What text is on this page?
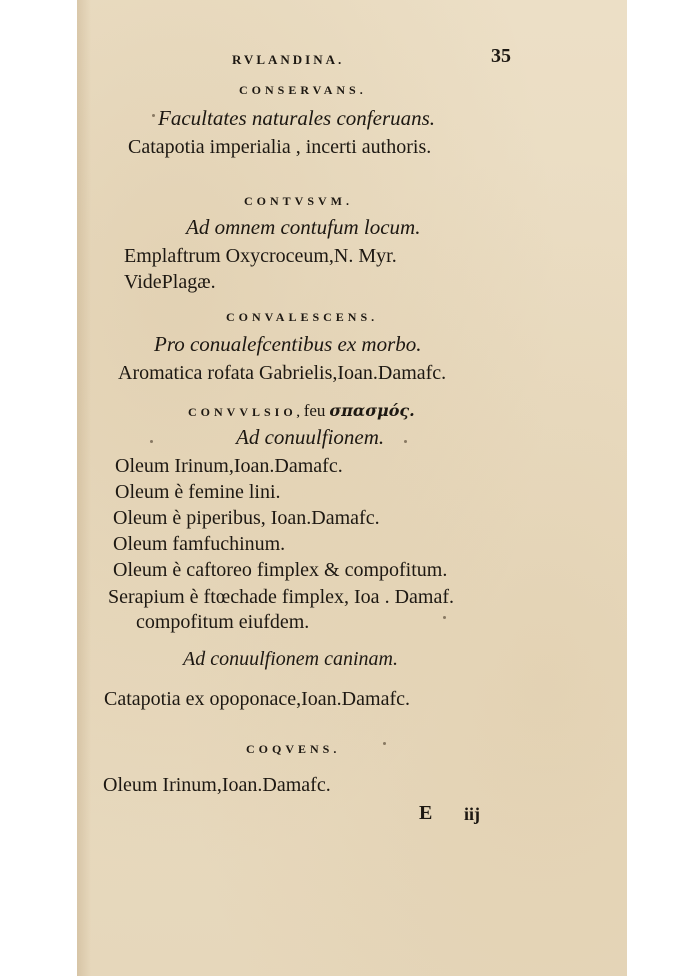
RVLANDINA.	35
CONSERVANS.
Facultates naturales conferuans.
Catapotia imperialia , incerti authoris.
CONTVSVM.
Ad omnem contufum locum.
Emplaftrum Oxycroceum,N. Myr.
VidePlagæ.
CONVALESCENS.
Pro conualefcentibus ex morbo.
Aromatica rofata Gabrielis,Ioan.Damafc.
CONVVLSIO,feu σπασμός.
Ad conuulfionem.
Oleum Irinum,Ioan.Damafc.
Oleum è femine lini.
Oleum è piperibus, Ioan.Damafc.
Oleum famfuchinum.
Oleum è caftoreo fimplex & compofitum.
Serapium è ftœchade fimplex, Ioa . Damaf.
compofitum eiufdem.
Ad conuulfionem caninam.
Catapotia ex opoponace,Ioan.Damafc.
COQVENS.
Oleum Irinum,Ioan.Damafc.
E iij
